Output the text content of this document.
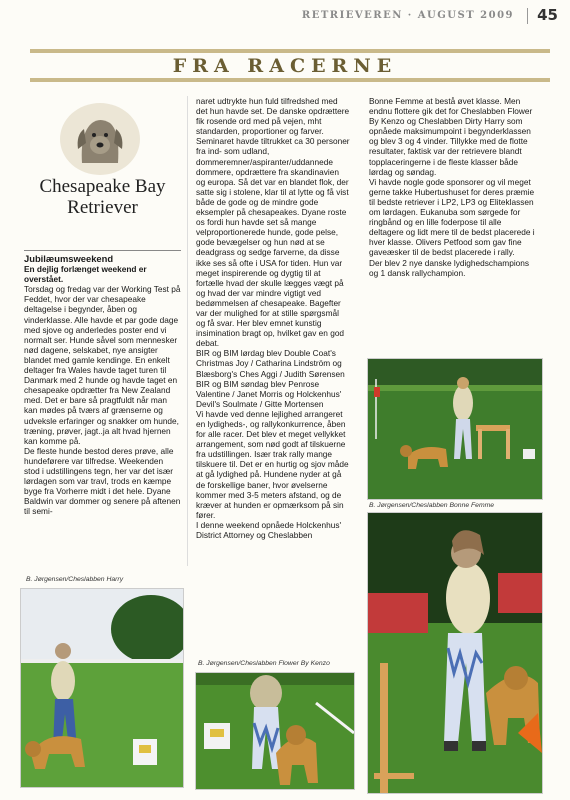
RETRIEVEREN · AUGUST 2009 45
FRA RACERNE
Chesapeake Bay
Retriever

Jubilæumsweekend

En dejlig forlænget weekend er overstået.

Torsdag og fredag var der Working Test på Feddet, hvor der var chesapeake deltagelse i begynder, åben og vinderklasse. Alle havde et par gode dage med sjove og anderledes poster end vi normalt ser. Hunde såvel som mennesker nød dagene, selskabet, nye ansigter blandet med gamle kendinge. En enkelt deltager fra Wales havde taget turen til Danmark med 2 hunde og havde taget en chesapeake opdrætter fra New Zealand med. Det er bare så pragtfuldt når man kan mødes på tværs af grænserne og udveksle erfaringer og snakker om hunde, træning, prøver, jagt..ja alt hvad hjernen kan komme på.

De fleste hunde bestod deres prøve, alle hundeførere var tilfredse. Weekenden stod i udstillingens tegn, her var det især lørdagen som var travl, trods en kæmpe byge fra Vorherre midt i det hele. Dyane Baldwin var dommer og senere på aftenen til semi-

naret udtrykte hun fuld tilfredshed med det hun havde set. De danske opdrættere fik rosende ord med på vejen, mht standarden, proportioner og farver.

Seminaret havde tiltrukket ca 30 personer fra ind- som udland, dommeremner/aspiranter/uddannede dommere, opdrættere fra skandinavien og europa. Så det var en blandet flok, der satte sig i stolene, klar til at lytte og få vist både de gode og de mindre gode eksempler på chesapeakes. Dyane roste os fordi hun havde set så mange velproportionerede hunde, gode pelse, gode bevægelser og hun nød at se deadgrass og sedge farverne, da disse ikke ses så ofte i USA for tiden. Hun var meget inspirerende og dygtig til at fortælle hvad der skulle lægges vægt på og hvad der var mindre vigtigt ved bedømmelsen af chesapeake. Bagefter var der mulighed for at stille spørgsmål og få svar. Her blev emnet kunstig insimination bragt op, hvilket gav en god debat.

BIR og BIM lørdag blev Double Coat's Christmas Joy / Catharina Lindström og Blæsborg's Ches Aggi / Judith Sørensen

BIR og BIM søndag blev Penrose Valentine / Janet Morris og Holckenhus' Devil's Soulmate / Gitte Mortensen

Vi havde ved denne lejlighed arrangeret en lydigheds-, og rallykonkurrence, åben for alle racer. Det blev et meget vellykket arrangement, som nød godt af tilskuerne fra udstillingen. Især trak rally mange tilskuere til. Det er en hurtig og sjov måde at gå lydighed på. Hundene nyder at gå de forskellige baner, hvor øvelserne kommer med 3-5 meters afstand, og de kræver at hunden er opmærksom på sin fører.

I denne weekend opnåede Holckenhus' District Attorney og Cheslabben

Bonne Femme at bestå øvet klasse. Men endnu flottere gik det for Cheslabben Flower By Kenzo og Cheslabben Dirty Harry som opnåede maksimumpoint i begynderklassen og blev 3 og 4 vinder. Tillykke med de flotte resultater, faktisk var der retrievere blandt topplaceringerne i de fleste klasser både lørdag og søndag.

Vi havde nogle gode sponsorer og vil meget gerne takke Hubertushuset for deres præmie til bedste retriever i LP2, LP3 og Eliteklassen om lørdagen. Eukanuba som sørgede for ringbånd og en lille foderpose til alle deltagere og lidt mere til de bedst placerede i hver klasse. Olivers Petfood som gav fine gaveæsker til de bedst placerede i rally.

Der blev 2 nye danske lydighedschampions og 1 dansk rallychampion.

B. Jørgensen/Cheslabben Bonne Femme
B. Jørgensen/Cheslabben Harry
B. Jørgensen/Cheslabben Flower By Kenzo
